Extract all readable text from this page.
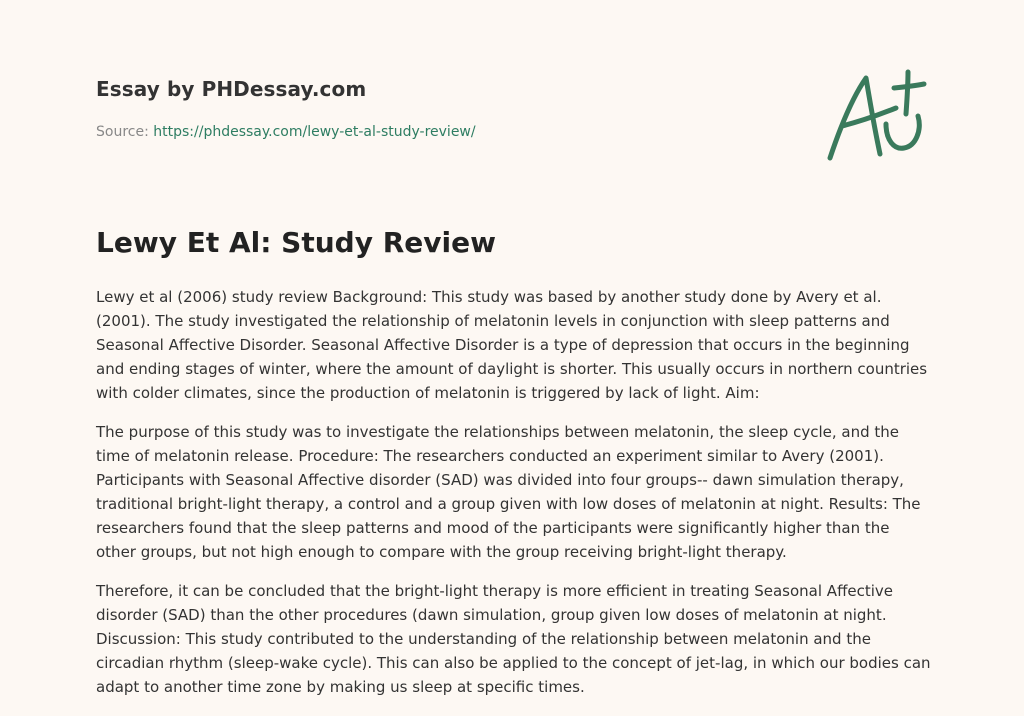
Essay by PHDessay.com
Source: https://phdessay.com/lewy-et-al-study-review/
Lewy Et Al: Study Review

Lewy et al (2006) study review Background: This study was based by another study done by Avery et al. (2001). The study investigated the relationship of melatonin levels in conjunction with sleep patterns and Seasonal Affective Disorder. Seasonal Affective Disorder is a type of depression that occurs in the beginning and ending stages of winter, where the amount of daylight is shorter. This usually occurs in northern countries with colder climates, since the production of melatonin is triggered by lack of light. Aim:

The purpose of this study was to investigate the relationships between melatonin, the sleep cycle, and the time of melatonin release. Procedure: The researchers conducted an experiment similar to Avery (2001). Participants with Seasonal Affective disorder (SAD) was divided into four groups-- dawn simulation therapy, traditional bright-light therapy, a control and a group given with low doses of melatonin at night. Results: The researchers found that the sleep patterns and mood of the participants were significantly higher than the other groups, but not high enough to compare with the group receiving bright-light therapy.

Therefore, it can be concluded that the bright-light therapy is more efficient in treating Seasonal Affective disorder (SAD) than the other procedures (dawn simulation, group given low doses of melatonin at night. Discussion: This study contributed to the understanding of the relationship between melatonin and the circadian rhythm (sleep-wake cycle). This can also be applied to the concept of jet-lag, in which our bodies can adapt to another time zone by making us sleep at specific times.
